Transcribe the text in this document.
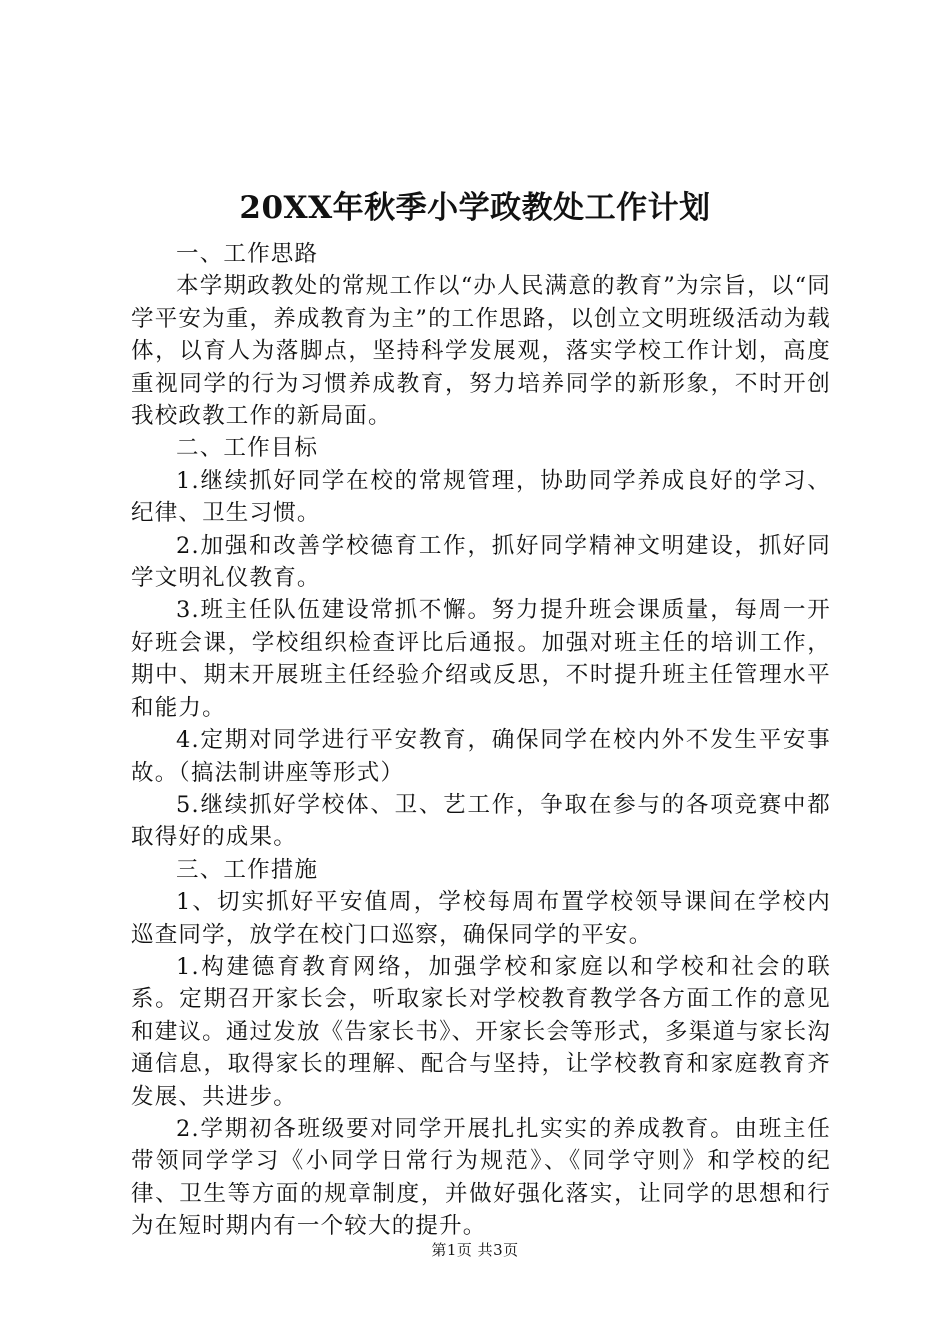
20XX年秋季小学政教处工作计划

一、工作思路

本学期政教处的常规工作以“办人民满意的教育”为宗旨，以“同学平安为重，养成教育为主”的工作思路，以创立文明班级活动为载体，以育人为落脚点，坚持科学发展观，落实学校工作计划，高度重视同学的行为习惯养成教育，努力培养同学的新形象，不时开创我校政教工作的新局面。

二、工作目标

1.继续抓好同学在校的常规管理，协助同学养成良好的学习、纪律、卫生习惯。

2.加强和改善学校德育工作，抓好同学精神文明建设，抓好同学文明礼仪教育。

3.班主任队伍建设常抓不懈。努力提升班会课质量，每周一开好班会课，学校组织检查评比后通报。加强对班主任的培训工作，期中、期末开展班主任经验介绍或反思，不时提升班主任管理水平和能力。

4.定期对同学进行平安教育，确保同学在校内外不发生平安事故。（搞法制讲座等形式）

5.继续抓好学校体、卫、艺工作，争取在参与的各项竞赛中都取得好的成果。

三、工作措施

1、切实抓好平安值周，学校每周布置学校领导课间在学校内巡查同学，放学在校门口巡察，确保同学的平安。

1.构建德育教育网络，加强学校和家庭以和学校和社会的联系。定期召开家长会，听取家长对学校教育教学各方面工作的意见和建议。通过发放《告家长书》、开家长会等形式，多渠道与家长沟通信息，取得家长的理解、配合与坚持，让学校教育和家庭教育齐发展、共进步。

2.学期初各班级要对同学开展扎扎实实的养成教育。由班主任带领同学学习《小同学日常行为规范》、《同学守则》和学校的纪律、卫生等方面的规章制度，并做好强化落实，让同学的思想和行为在短时期内有一个较大的提升。

第1页 共3页
